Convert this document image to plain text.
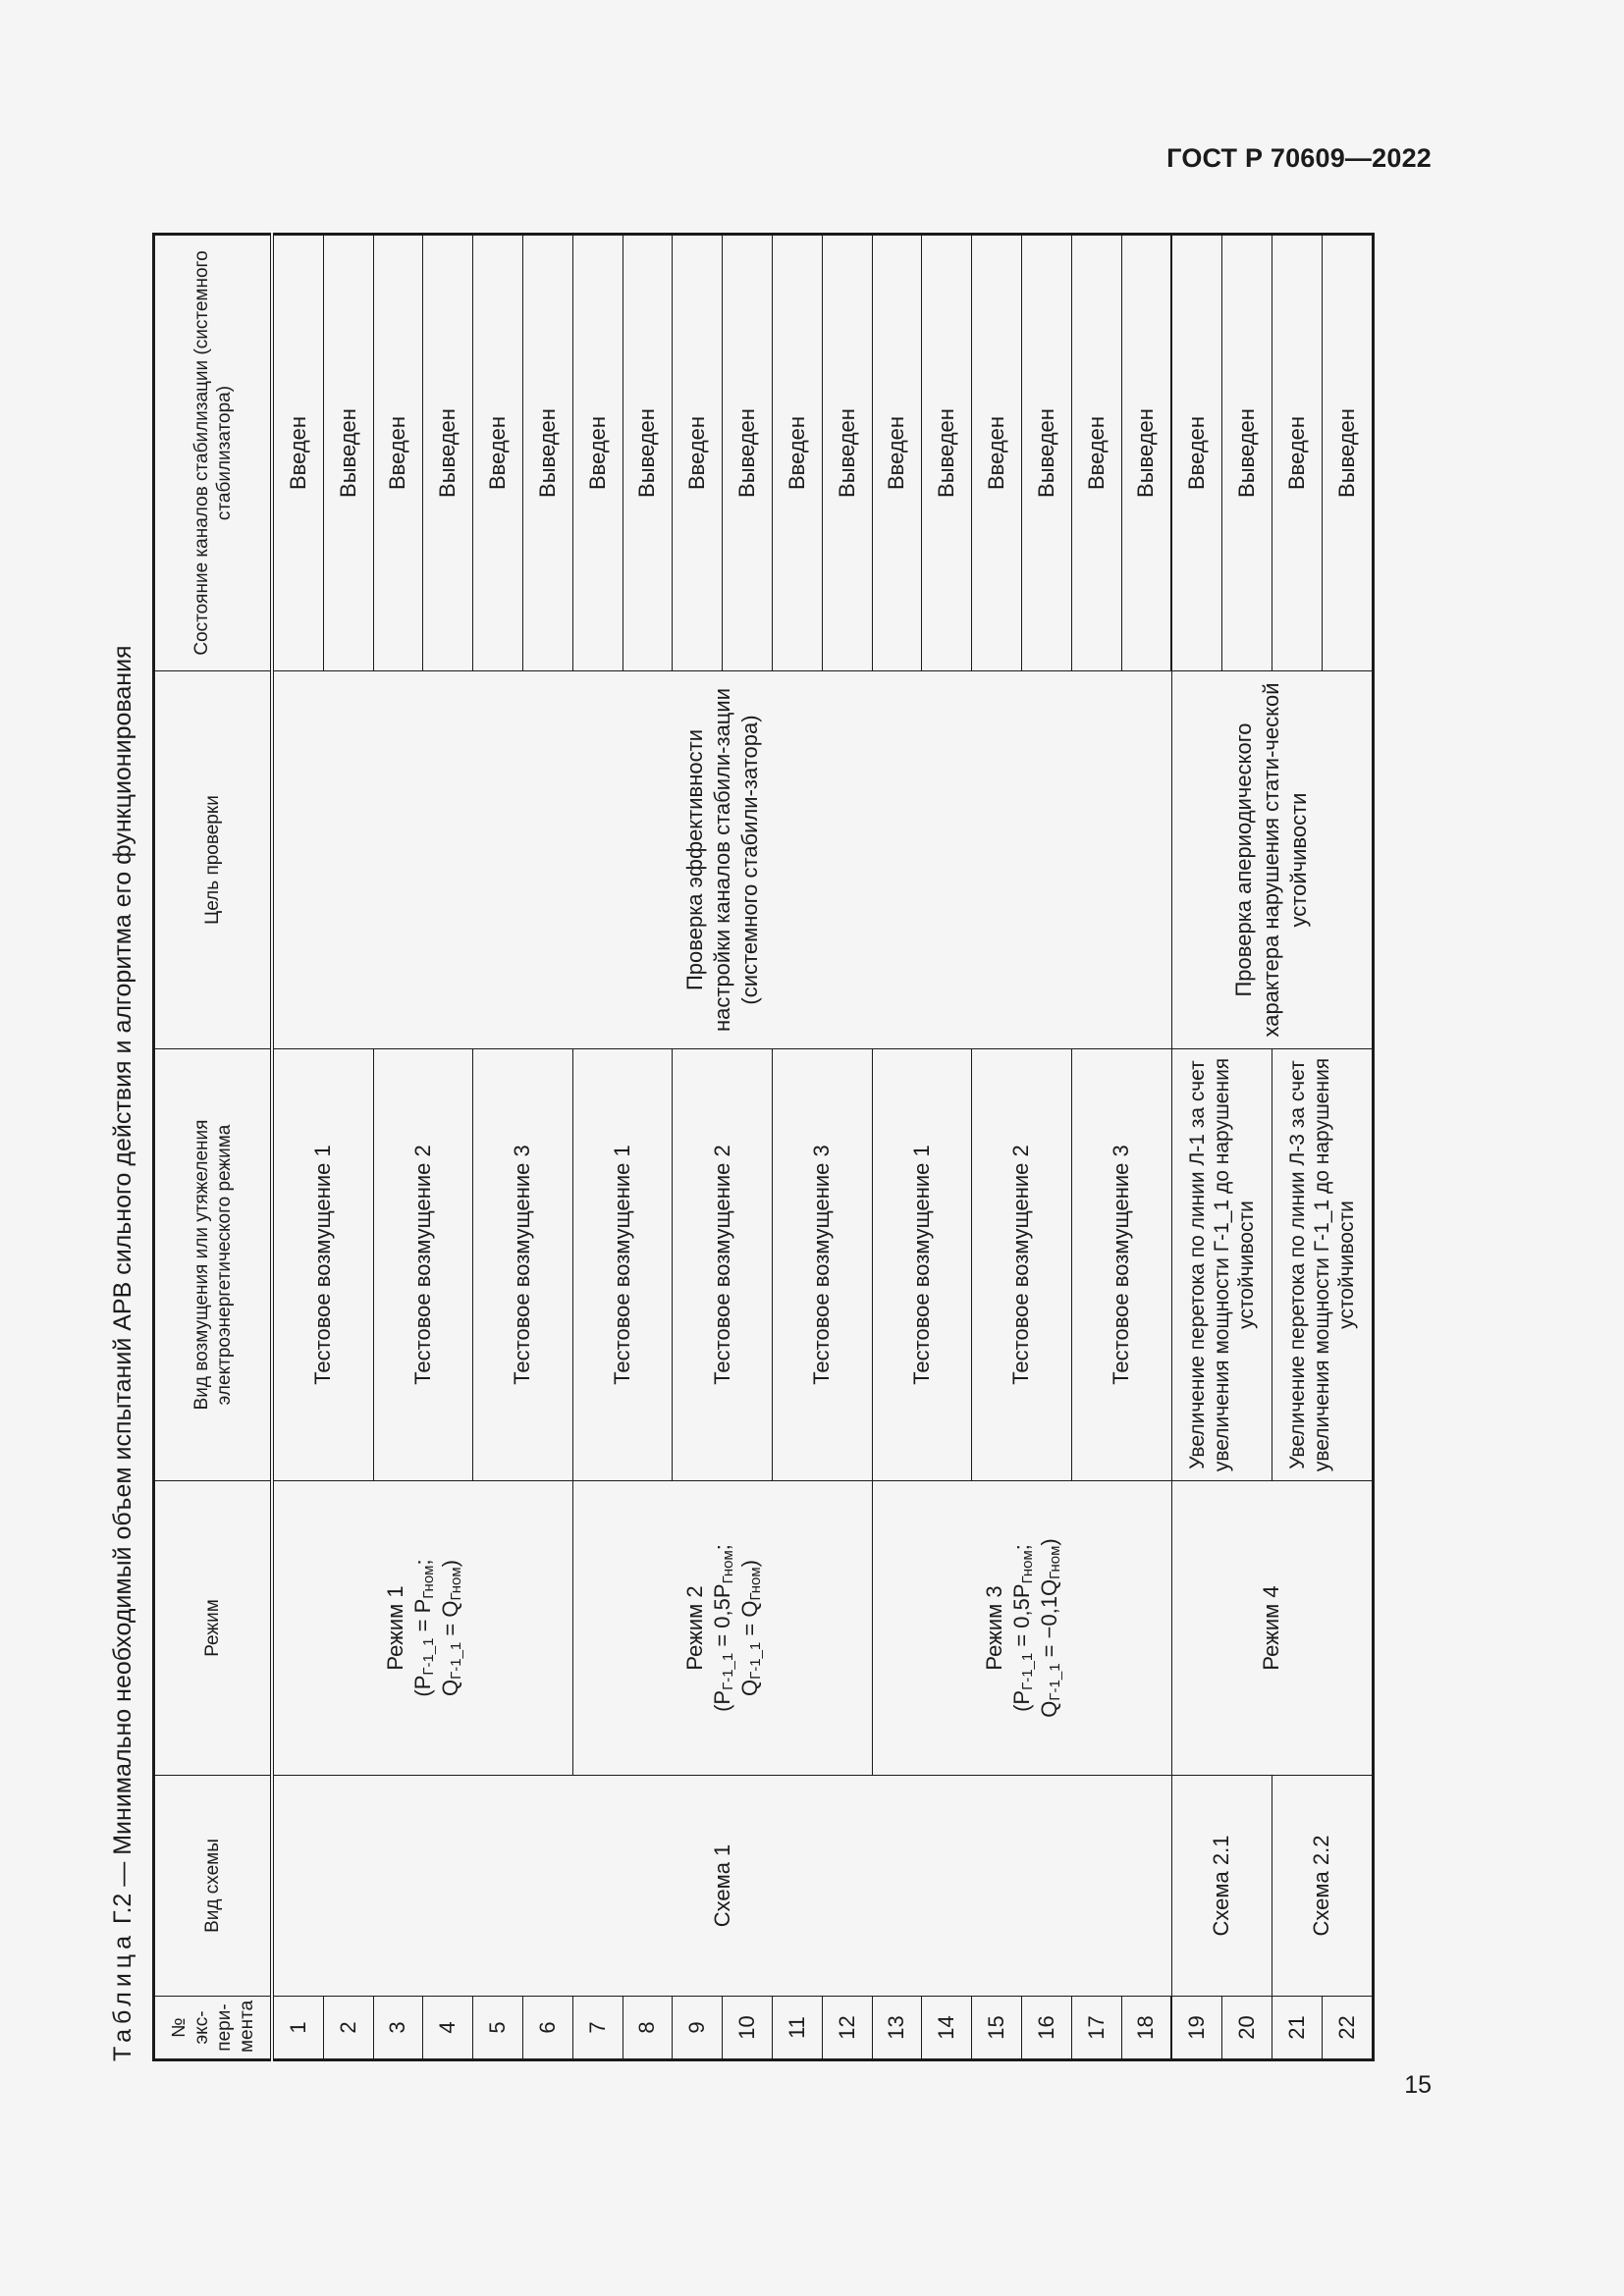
ГОСТ Р 70609—2022
Таблица Г.2 — Минимально необходимый объем испытаний АРВ сильного действия и алгоритма его функционирования
№ экс-пери-мента	Вид схемы	Режим	Вид возмущения или утяжеления электроэнергетического режима	Цель проверки	Состояние каналов стабилизации (системного стабилизатора)
1	Схема 1	Режим 1
($P_{Г-1\_1} = P_{Гном}$;
$Q_{Г-1\_1} = Q_{Гном}$)	Тестовое возмущение 1	Проверка эффективности настройки каналов стабили-зации (системного стабили-затора)	Введен
2					Выведен
3			Тестовое возмущение 2		Введен
4					Выведен
5			Тестовое возмущение 3		Введен
6					Выведен
7		Режим 2
($P_{Г-1\_1} = 0,5P_{Гном}$;
$Q_{Г-1\_1} = Q_{Гном}$)	Тестовое возмущение 1		Введен
8					Выведен
9			Тестовое возмущение 2		Введен
10					Выведен
11			Тестовое возмущение 3		Введен
12					Выведен
13		Режим 3
($P_{Г-1\_1} = 0,5P_{Гном}$;
$Q_{Г-1\_1} = -0,1Q_{Гном}$)	Тестовое возмущение 1		Введен
14					Выведен
15			Тестовое возмущение 2		Введен
16					Выведен
17			Тестовое возмущение 3		Введен
18					Выведен
19	Схема 2.1	Режим 4	Увеличение перетока по линии Л-1 за счет увеличения мощности Г-1_1 до нарушения устойчивости	Проверка апериодического характера нарушения стати-ческой устойчивости	Введен
20					Выведен
21	Схема 2.2		Увеличение перетока по линии Л-3 за счет увеличения мощности Г-1_1 до нарушения устойчивости		Введен
22					Выведен
15
